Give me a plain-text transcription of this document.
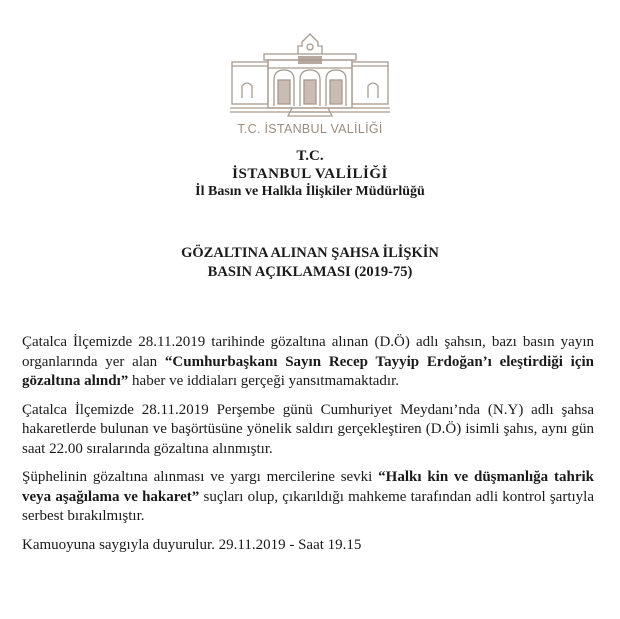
T.C. İSTANBUL VALİLİĞİ
T.C.
İSTANBUL VALİLİĞİ
İl Basın ve Halkla İlişkiler Müdürlüğü
GÖZALTINA ALINAN ŞAHSA İLİŞKİN
BASIN AÇIKLAMASI (2019-75)

Çatalca İlçemizde 28.11.2019 tarihinde gözaltına alınan (D.Ö) adlı şahsın, bazı basın yayın organlarında yer alan “Cumhurbaşkanı Sayın Recep Tayyip Erdoğan’ı eleştirdiği için gözaltına alındı” haber ve iddiaları gerçeği yansıtmamaktadır.

Çatalca İlçemizde 28.11.2019 Perşembe günü Cumhuriyet Meydanı’nda (N.Y) adlı şahsa hakaretlerde bulunan ve başörtüsüne yönelik saldırı gerçekleştiren (D.Ö) isimli şahıs, aynı gün saat 22.00 sıralarında gözaltına alınmıştır.

Şüphelinin gözaltına alınması ve yargı mercilerine sevki “Halkı kin ve düşmanlığa tahrik veya aşağılama ve hakaret” suçları olup, çıkarıldığı mahkeme tarafından adli kontrol şartıyla serbest bırakılmıştır.

Kamuoyuna saygıyla duyurulur. 29.11.2019 - Saat 19.15
